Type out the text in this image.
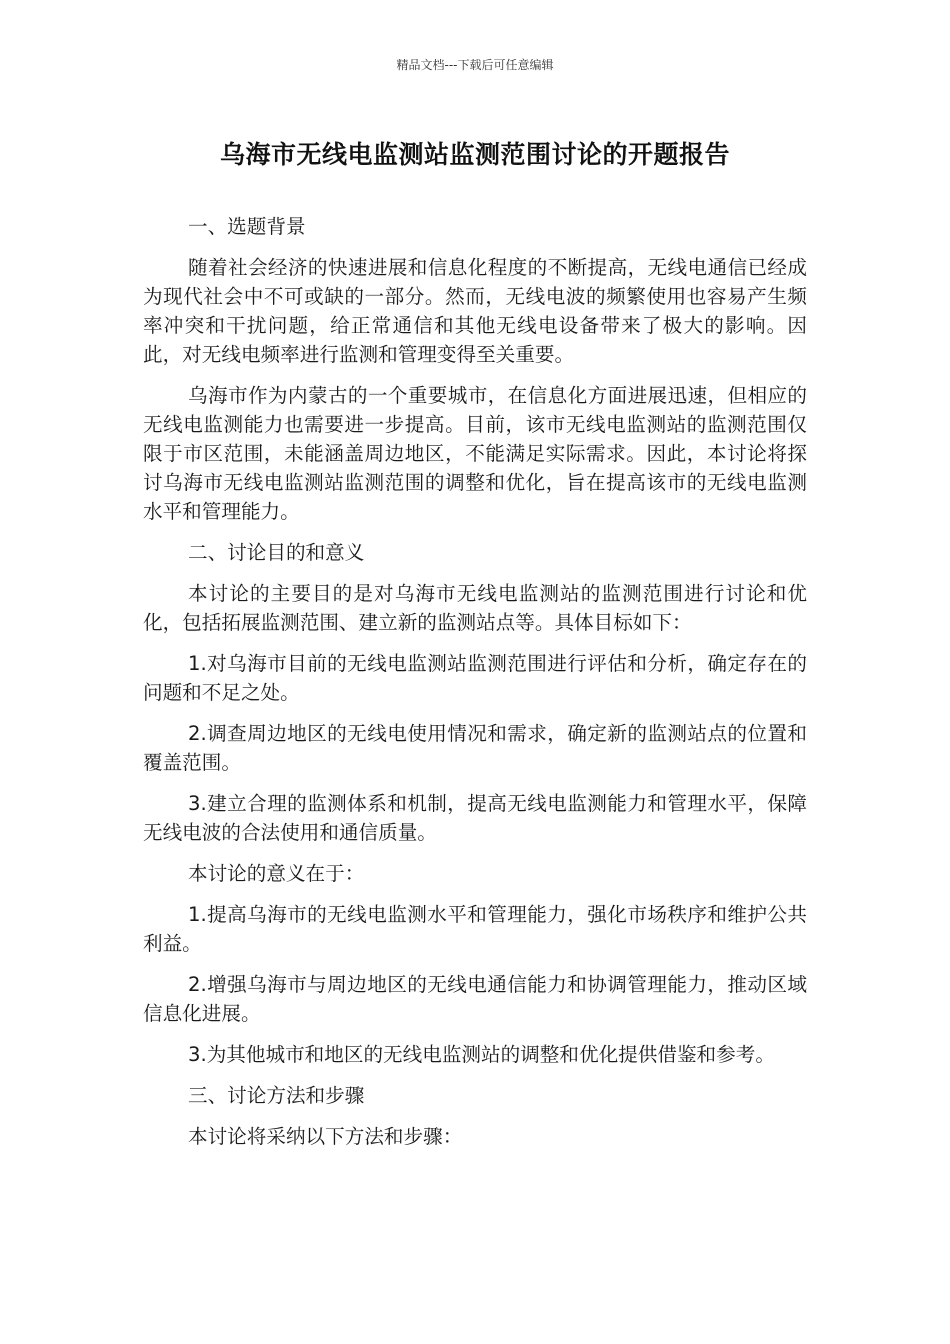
精品文档---下载后可任意编辑
乌海市无线电监测站监测范围讨论的开题报告

一、选题背景

随着社会经济的快速进展和信息化程度的不断提高，无线电通信已经成为现代社会中不可或缺的一部分。然而，无线电波的频繁使用也容易产生频率冲突和干扰问题，给正常通信和其他无线电设备带来了极大的影响。因此，对无线电频率进行监测和管理变得至关重要。

乌海市作为内蒙古的一个重要城市，在信息化方面进展迅速，但相应的无线电监测能力也需要进一步提高。目前，该市无线电监测站的监测范围仅限于市区范围，未能涵盖周边地区，不能满足实际需求。因此，本讨论将探讨乌海市无线电监测站监测范围的调整和优化，旨在提高该市的无线电监测水平和管理能力。

二、讨论目的和意义

本讨论的主要目的是对乌海市无线电监测站的监测范围进行讨论和优化，包括拓展监测范围、建立新的监测站点等。具体目标如下：

1.对乌海市目前的无线电监测站监测范围进行评估和分析，确定存在的问题和不足之处。

2.调查周边地区的无线电使用情况和需求，确定新的监测站点的位置和覆盖范围。

3.建立合理的监测体系和机制，提高无线电监测能力和管理水平，保障无线电波的合法使用和通信质量。

本讨论的意义在于：

1.提高乌海市的无线电监测水平和管理能力，强化市场秩序和维护公共利益。

2.增强乌海市与周边地区的无线电通信能力和协调管理能力，推动区域信息化进展。

3.为其他城市和地区的无线电监测站的调整和优化提供借鉴和参考。

三、讨论方法和步骤

本讨论将采纳以下方法和步骤：
